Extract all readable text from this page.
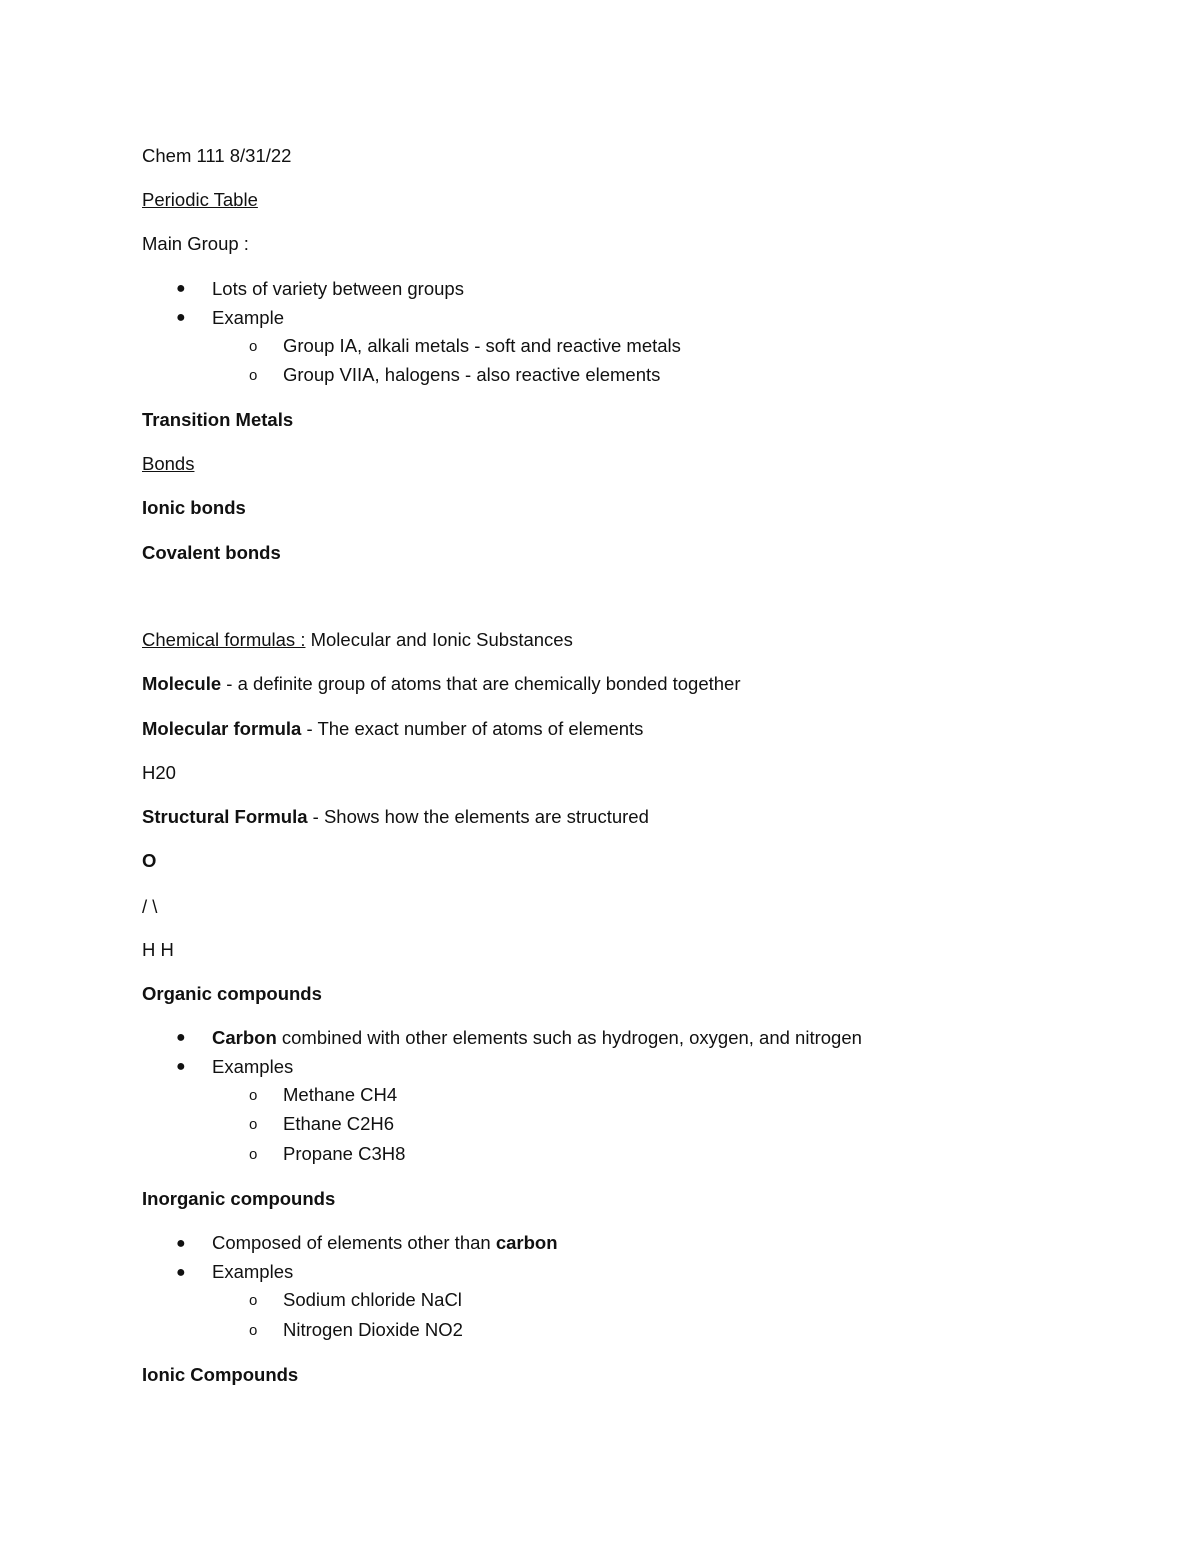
Chem 111 8/31/22
Periodic Table
Main Group :
● Lots of variety between groups
● Example
o Group IA, alkali metals - soft and reactive metals
o Group VIIA, halogens - also reactive elements
Transition Metals
Bonds
Ionic bonds
Covalent bonds
Chemical formulas : Molecular and Ionic Substances
Molecule - a definite group of atoms that are chemically bonded together
Molecular formula - The exact number of atoms of elements
H20
Structural Formula - Shows how the elements are structured
O
/ \
H H
Organic compounds
● Carbon combined with other elements such as hydrogen, oxygen, and nitrogen
● Examples
o Methane CH4
o Ethane C2H6
o Propane C3H8
Inorganic compounds
● Composed of elements other than carbon
● Examples
o Sodium chloride NaCl
o Nitrogen Dioxide NO2
Ionic Compounds
